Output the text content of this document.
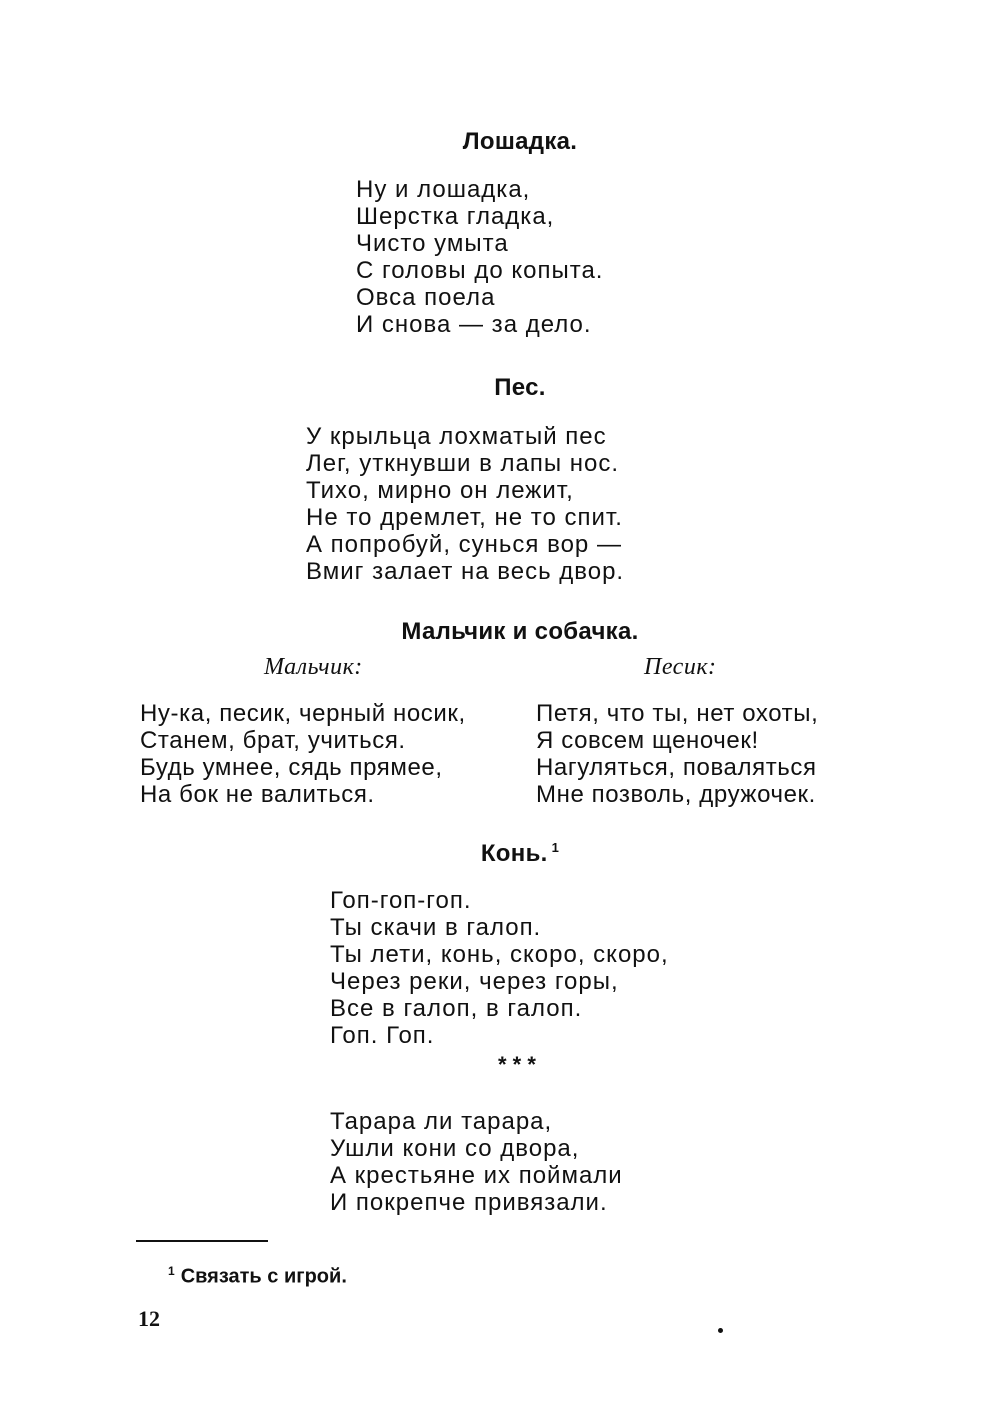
Лошадка.
Ну и лошадка,
Шерстка гладка,
Чисто умыта
С головы до копыта.
Овса поела
И снова — за дело.
Пес.
У крыльца лохматый пес
Лег, уткнувши в лапы нос.
Тихо, мирно он лежит,
Не то дремлет, не то спит.
А попробуй, сунься вор —
Вмиг залает на весь двор.
Мальчик и собачка.
Мальчик:	Песик:
Ну-ка, песик, черный носик,
Станем, брат, учиться.
Будь умнее, сядь прямее,
На бок не валиться.
Петя, что ты, нет охоты,
Я совсем щеночек!
Нагуляться, поваляться
Мне позволь, дружочек.
Конь. $^1$
Гоп-гоп-гоп.
Ты скачи в галоп.
Ты лети, конь, скоро, скоро,
Через реки, через горы,
Все в галоп, в галоп.
Гоп. Гоп.
* * *
Тарара ли тарара,
Ушли кони со двора,
А крестьяне их поймали
И покрепче привязали.
$^1$ Связать с игрой.
12
